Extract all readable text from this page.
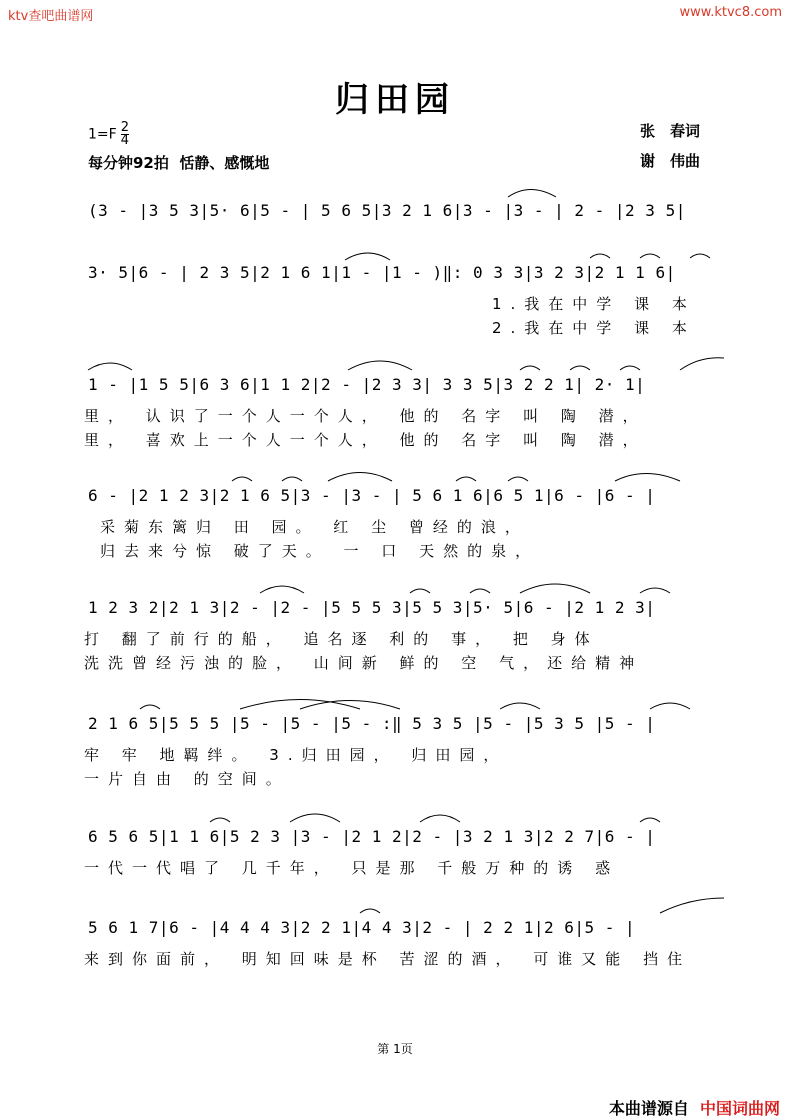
ktv查吧曲谱网	www.ktvc8.com
归田园
$1=F \frac{2}{4}$
每分钟92拍 恬静、感慨地
张　春词
谢　伟曲
(3 - |3 5 3|5· 6|5 - | 5 6 5|3 2 1 6|3 - |3 - | 2 - |2 3 5|
3· 5|6 - | 2 3 5|2 1 6 1|1 - |1 - )‖: 0 3 3|3 2 3|2 1 1 6|
1.我在中学 课 本
2.我在中学 课 本
1 - |1 5 5|6 3 6|1 1 2|2 - |2 3 3| 3 3 5|3 2 2 1| 2· 1|
里， 认识了一个人一个人， 他的 名字 叫 陶 潜，
里， 喜欢上一个人一个人， 他的 名字 叫 陶 潜，
6 - |2 1 2 3|2 1 6 5|3 - |3 - | 5 6 1 6|6 5 1|6 - |6 - |
采菊东篱归 田 园。 红 尘 曾经的浪，
归去来兮惊 破了天。 一 口 天然的泉，
1 2 3 2|2 1 3|2 - |2 - |5 5 5 3|5 5 3|5· 5|6 - |2 1 2 3|
打 翻了前行的船， 追名逐 利的 事， 把 身体
洗洗曾经污浊的脸， 山间新 鲜的 空 气，还给精神
2 1 6 5|5 5 5 |5 - |5 - |5 - :‖ 5 3 5 |5 - |5 3 5 |5 - |
牢 牢 地羁绊。 3.归田园， 归田园，
一片自由 的空间。
6 5 6 5|1 1 6|5 2 3 |3 - |2 1 2|2 - |3 2 1 3|2 2 7|6 - |
一代一代唱了 几千年， 只是那 千般万种的诱 惑
5 6 1 7|6 - |4 4 4 3|2 2 1|4 4 3|2 - | 2 2 1|2 6|5 - |
来到你面前， 明知回味是杯 苦涩的酒， 可谁又能 挡住
第 1页
本曲谱源自 中国词曲网
